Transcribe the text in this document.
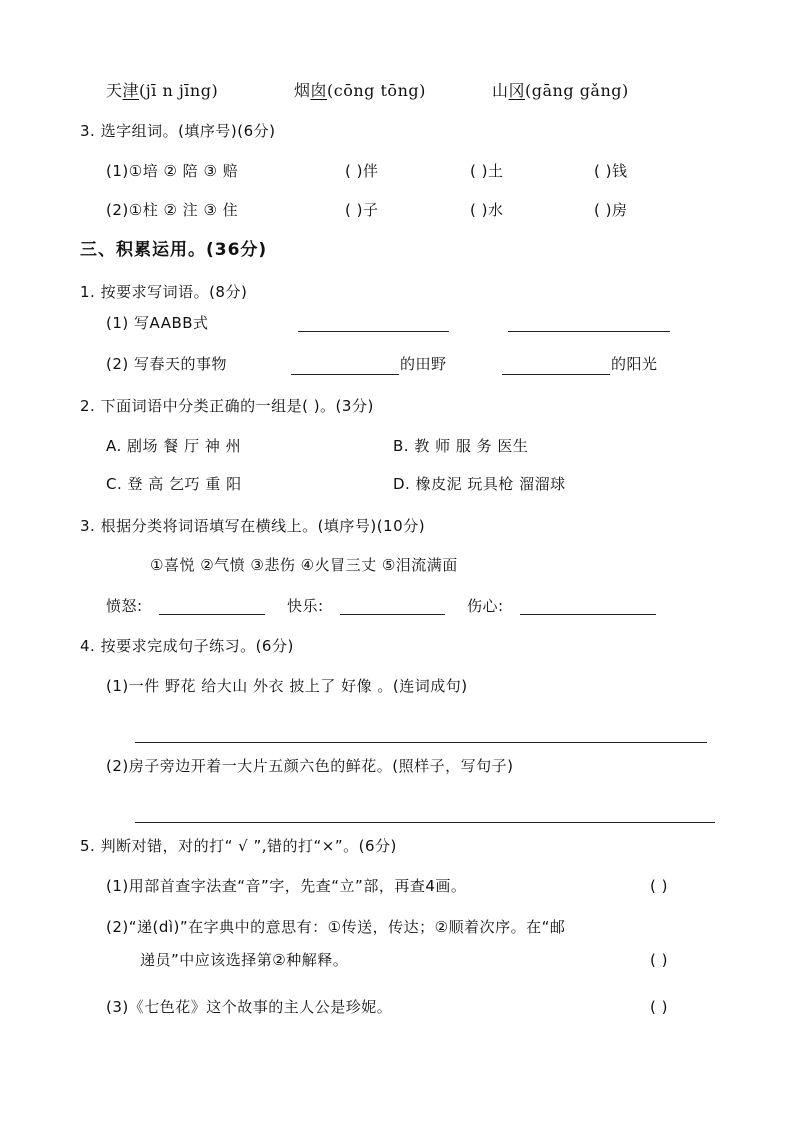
天津(jī n jīng)	烟囱(cōng tōng)	山冈(gāng gǎng)
3. 选字组词。(填序号)(6分)
(1)①培 ② 陪 ③ 赔	( )伴	( )土	( )钱
(2)①柱 ② 注 ③ 住	( )子	( )水	( )房
三、积累运用。(36分)
1. 按要求写词语。(8分)
(1) 写AABB式
(2) 写春天的事物	的田野	的阳光
2. 下面词语中分类正确的一组是( )。(3分)
A. 剧场 餐 厅 神 州	B. 教 师 服 务 医生
C. 登 高 乞巧 重 阳	D. 橡皮泥 玩具枪 溜溜球
3. 根据分类将词语填写在横线上。(填序号)(10分)
①喜悦 ②气愤 ③悲伤 ④火冒三丈 ⑤泪流满面
愤怒:	快乐:	伤心:
4. 按要求完成句子练习。(6分)
(1)一件 野花 给大山 外衣 披上了 好像 。(连词成句)
(2)房子旁边开着一大片五颜六色的鲜花。(照样子，写句子)
5. 判断对错，对的打“ √ ”,错的打“×”。(6分)
(1)用部首查字法查“音”字，先查“立”部，再查4画。	( )
(2)“递(dì)”在字典中的意思有：①传送，传达；②顺着次序。在“邮
递员”中应该选择第②种解释。	( )
(3)《七色花》这个故事的主人公是珍妮。	( )
